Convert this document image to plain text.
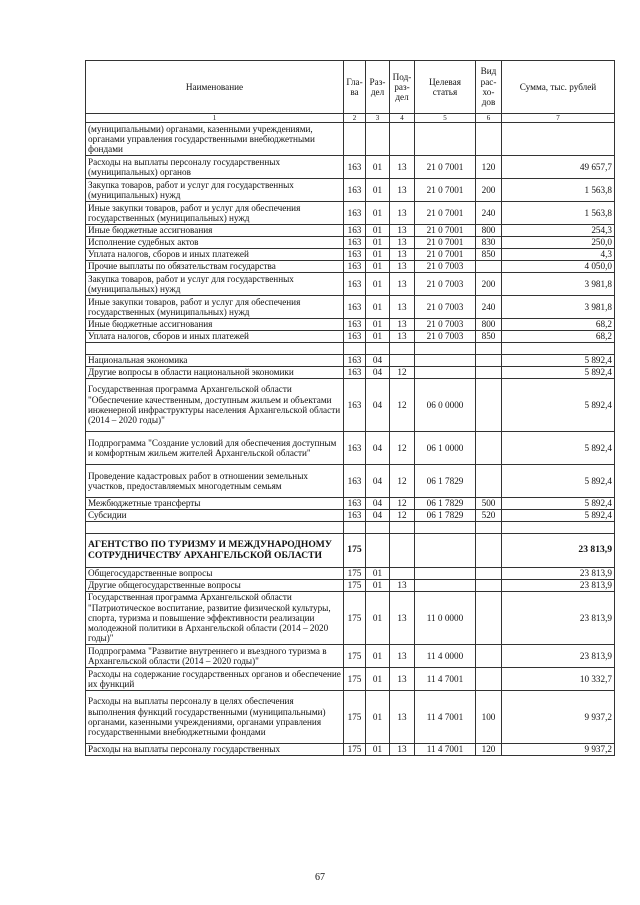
Наименование	Гла-ва	Раз-дел	Под-раз-дел	Целевая статья	Вид рас-хо-дов	Сумма, тыс. рублей
1	2	3	4	5	6	7
(муниципальными) органами, казенными учреждениями, органами управления государственными внебюджетными фондами						
Расходы на выплаты персоналу государственных (муниципальных) органов	163	01	13	21 0 7001	120	49 657,7
Закупка товаров, работ и услуг для государственных (муниципальных) нужд	163	01	13	21 0 7001	200	1 563,8
Иные закупки товаров, работ и услуг для обеспечения государственных (муниципальных) нужд	163	01	13	21 0 7001	240	1 563,8
Иные бюджетные ассигнования	163	01	13	21 0 7001	800	254,3
Исполнение судебных актов	163	01	13	21 0 7001	830	250,0
Уплата налогов, сборов и иных платежей	163	01	13	21 0 7001	850	4,3
Прочие выплаты по обязательствам государства	163	01	13	21 0 7003		4 050,0
Закупка товаров, работ и услуг для государственных (муниципальных) нужд	163	01	13	21 0 7003	200	3 981,8
Иные закупки товаров, работ и услуг для обеспечения государственных (муниципальных) нужд	163	01	13	21 0 7003	240	3 981,8
Иные бюджетные ассигнования	163	01	13	21 0 7003	800	68,2
Уплата налогов, сборов и иных платежей	163	01	13	21 0 7003	850	68,2

Национальная экономика	163	04				5 892,4
Другие вопросы в области национальной экономики	163	04	12			5 892,4
Государственная программа Архангельской области "Обеспечение качественным, доступным жильем и объектами инженерной инфраструктуры населения Архангельской области (2014 – 2020 годы)"	163	04	12	06 0 0000		5 892,4
Подпрограмма "Создание условий для обеспечения доступным и комфортным жильем жителей Архангельской области"	163	04	12	06 1 0000		5 892,4
Проведение кадастровых работ в отношении земельных участков, предоставляемых многодетным семьям	163	04	12	06 1 7829		5 892,4
Межбюджетные трансферты	163	04	12	06 1 7829	500	5 892,4
Субсидии	163	04	12	06 1 7829	520	5 892,4

АГЕНТСТВО ПО ТУРИЗМУ И МЕЖДУНАРОДНОМУ СОТРУДНИЧЕСТВУ АРХАНГЕЛЬСКОЙ ОБЛАСТИ	175					23 813,9
Общегосударственные вопросы	175	01				23 813,9
Другие общегосударственные вопросы	175	01	13			23 813,9
Государственная программа Архангельской области "Патриотическое воспитание, развитие физической культуры, спорта, туризма и повышение эффективности реализации молодежной политики в Архангельской области (2014 – 2020 годы)"	175	01	13	11 0 0000		23 813,9
Подпрограмма "Развитие внутреннего и въездного туризма в Архангельской области (2014 – 2020 годы)"	175	01	13	11 4 0000		23 813,9
Расходы на содержание государственных органов и обеспечение их функций	175	01	13	11 4 7001		10 332,7
Расходы на выплаты персоналу в целях обеспечения выполнения функций государственными (муниципальными) органами, казенными учреждениями, органами управления государственными внебюджетными фондами	175	01	13	11 4 7001	100	9 937,2
Расходы на выплаты персоналу государственных	175	01	13	11 4 7001	120	9 937,2
67
